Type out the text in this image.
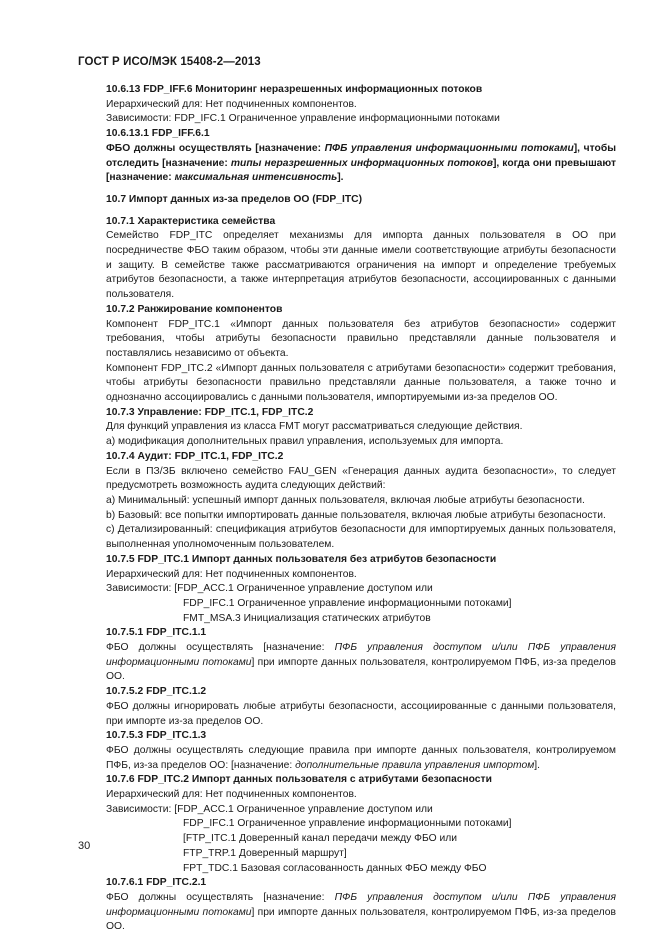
ГОСТ Р ИСО/МЭК 15408-2—2013

10.6.13 FDP_IFF.6 Мониторинг неразрешенных информационных потоков

Иерархический для: Нет подчиненных компонентов.

Зависимости: FDP_IFC.1 Ограниченное управление информационными потоками

10.6.13.1 FDP_IFF.6.1

ФБО должны осуществлять [назначение: ПФБ управления информационными потоками], чтобы отследить [назначение: типы неразрешенных информационных потоков], когда они превышают [назначение: максимальная интенсивность].

10.7 Импорт данных из-за пределов ОО (FDP_ITC)

10.7.1 Характеристика семейства

Семейство FDP_ITC определяет механизмы для импорта данных пользователя в ОО при посредничестве ФБО таким образом, чтобы эти данные имели соответствующие атрибуты безопасности и защиту. В семействе также рассматриваются ограничения на импорт и определение требуемых атрибутов безопасности, а также интерпретация атрибутов безопасности, ассоциированных с данными пользователя.

10.7.2 Ранжирование компонентов

Компонент FDP_ITC.1 «Импорт данных пользователя без атрибутов безопасности» содержит требования, чтобы атрибуты безопасности правильно представляли данные пользователя и поставлялись независимо от объекта.

Компонент FDP_ITC.2 «Импорт данных пользователя с атрибутами безопасности» содержит требования, чтобы атрибуты безопасности правильно представляли данные пользователя, а также точно и однозначно ассоциировались с данными пользователя, импортируемыми из-за пределов ОО.

10.7.3 Управление: FDP_ITC.1, FDP_ITC.2

Для функций управления из класса FMT могут рассматриваться следующие действия.

а) модификация дополнительных правил управления, используемых для импорта.

10.7.4 Аудит: FDP_ITC.1, FDP_ITC.2

Если в ПЗ/ЗБ включено семейство FAU_GEN «Генерация данных аудита безопасности», то следует предусмотреть возможность аудита следующих действий:

а) Минимальный: успешный импорт данных пользователя, включая любые атрибуты безопасности.

b) Базовый: все попытки импортировать данные пользователя, включая любые атрибуты безопасности.

c) Детализированный: спецификация атрибутов безопасности для импортируемых данных пользователя, выполненная уполномоченным пользователем.

10.7.5 FDP_ITC.1 Импорт данных пользователя без атрибутов безопасности

Иерархический для: Нет подчиненных компонентов.

Зависимости: [FDP_ACC.1 Ограниченное управление доступом или

FDP_IFC.1 Ограниченное управление информационными потоками]

FMT_MSA.3 Инициализация статических атрибутов

10.7.5.1 FDP_ITC.1.1

ФБО должны осуществлять [назначение: ПФБ управления доступом и/или ПФБ управления информационными потоками] при импорте данных пользователя, контролируемом ПФБ, из-за пределов ОО.

10.7.5.2 FDP_ITC.1.2

ФБО должны игнорировать любые атрибуты безопасности, ассоциированные с данными пользователя, при импорте из-за пределов ОО.

10.7.5.3 FDP_ITC.1.3

ФБО должны осуществлять следующие правила при импорте данных пользователя, контролируемом ПФБ, из-за пределов ОО: [назначение: дополнительные правила управления импортом].

10.7.6 FDP_ITC.2 Импорт данных пользователя с атрибутами безопасности

Иерархический для: Нет подчиненных компонентов.

Зависимости: [FDP_ACC.1 Ограниченное управление доступом или

FDP_IFC.1 Ограниченное управление информационными потоками]

[FTP_ITC.1 Доверенный канал передачи между ФБО или

FTP_TRP.1 Доверенный маршрут]

FPT_TDC.1 Базовая согласованность данных ФБО между ФБО

10.7.6.1 FDP_ITC.2.1

ФБО должны осуществлять [назначение: ПФБ управления доступом и/или ПФБ управления информационными потоками] при импорте данных пользователя, контролируемом ПФБ, из-за пределов ОО.

30
